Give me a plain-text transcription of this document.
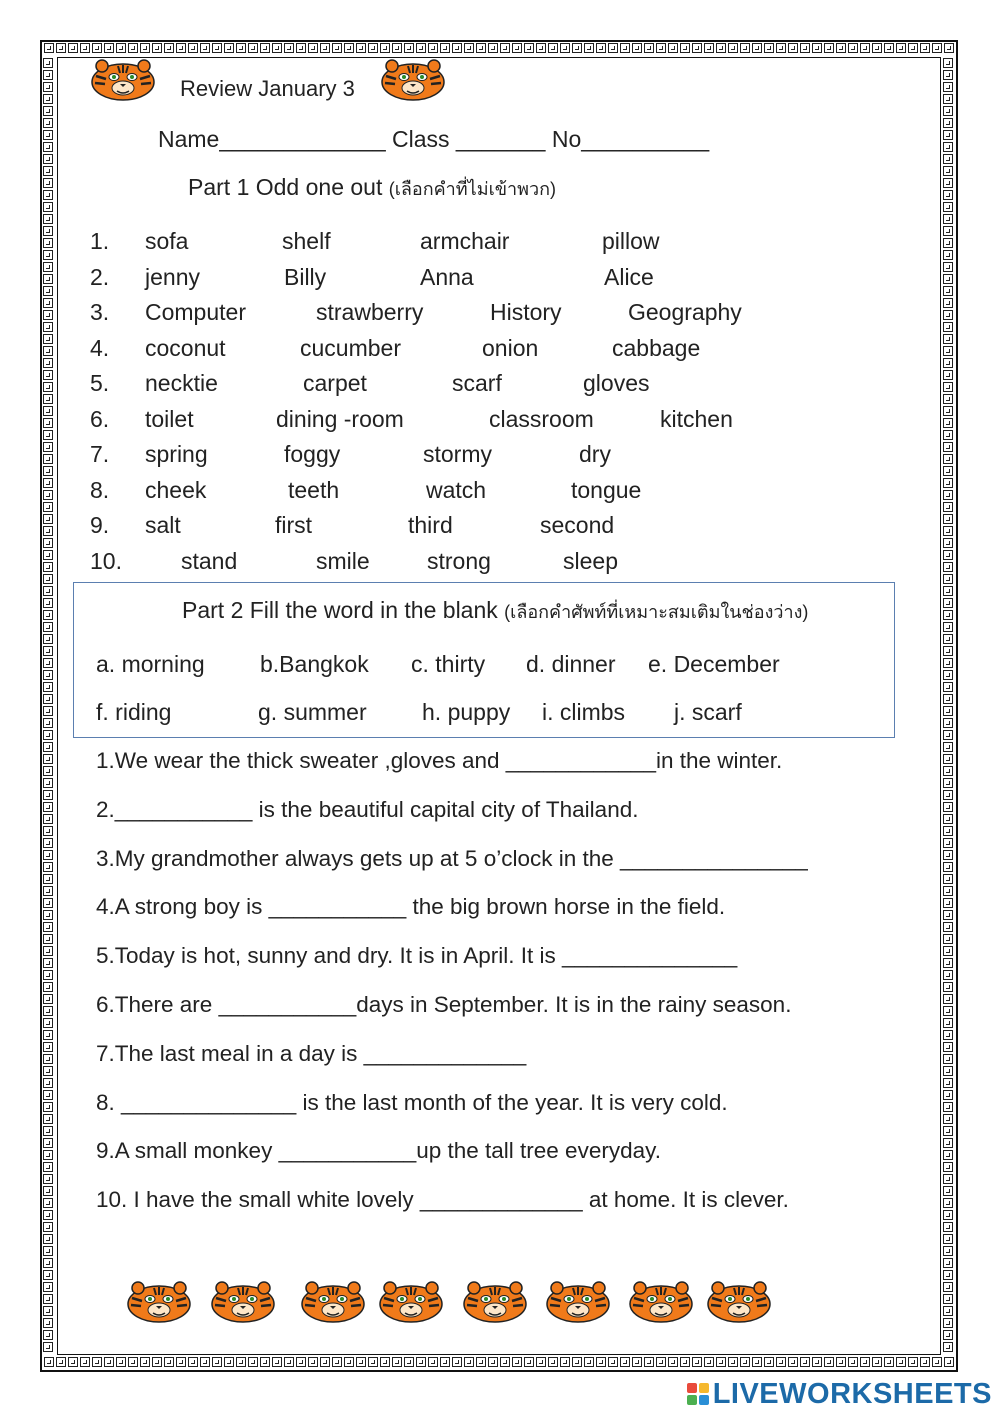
Review January 3
Name_____________ Class _______ No__________
Part 1 Odd one out (เลือกคำที่ไม่เข้าพวก)
1. sofa	shelf	armchair	pillow
2. jenny	Billy	Anna	Alice
3. Computer	strawberry	History	Geography
4. coconut	cucumber	onion	cabbage
5. necktie	carpet	scarf	gloves
6. toilet	dining -room	classroom	kitchen
7. spring	foggy	stormy	dry
8. cheek	teeth	watch	tongue
9. salt	first	third	second
10.	stand	smile strong	sleep
Part 2 Fill the word in the blank (เลือกคำศัพท์ที่เหมาะสมเติมในช่องว่าง)
a. morning b.Bangkok c. thirty d. dinner e. December
f. riding	g. summer h. puppy i. climbs j. scarf
1.We wear the thick sweater ,gloves and ____________in the winter.
2.___________ is the beautiful capital city of Thailand.
3.My grandmother always gets up at 5 o’clock in the _______________
4.A strong boy is ___________ the big brown horse in the field.
5.Today is hot, sunny and dry. It is in April. It is ______________
6.There are ___________days in September. It is in the rainy season.
7.The last meal in a day is _____________
8. ______________ is the last month of the year. It is very cold.
9.A small monkey ___________up the tall tree everyday.
10. I have the small white lovely _____________ at home. It is clever.
LIVEWORKSHEETS
